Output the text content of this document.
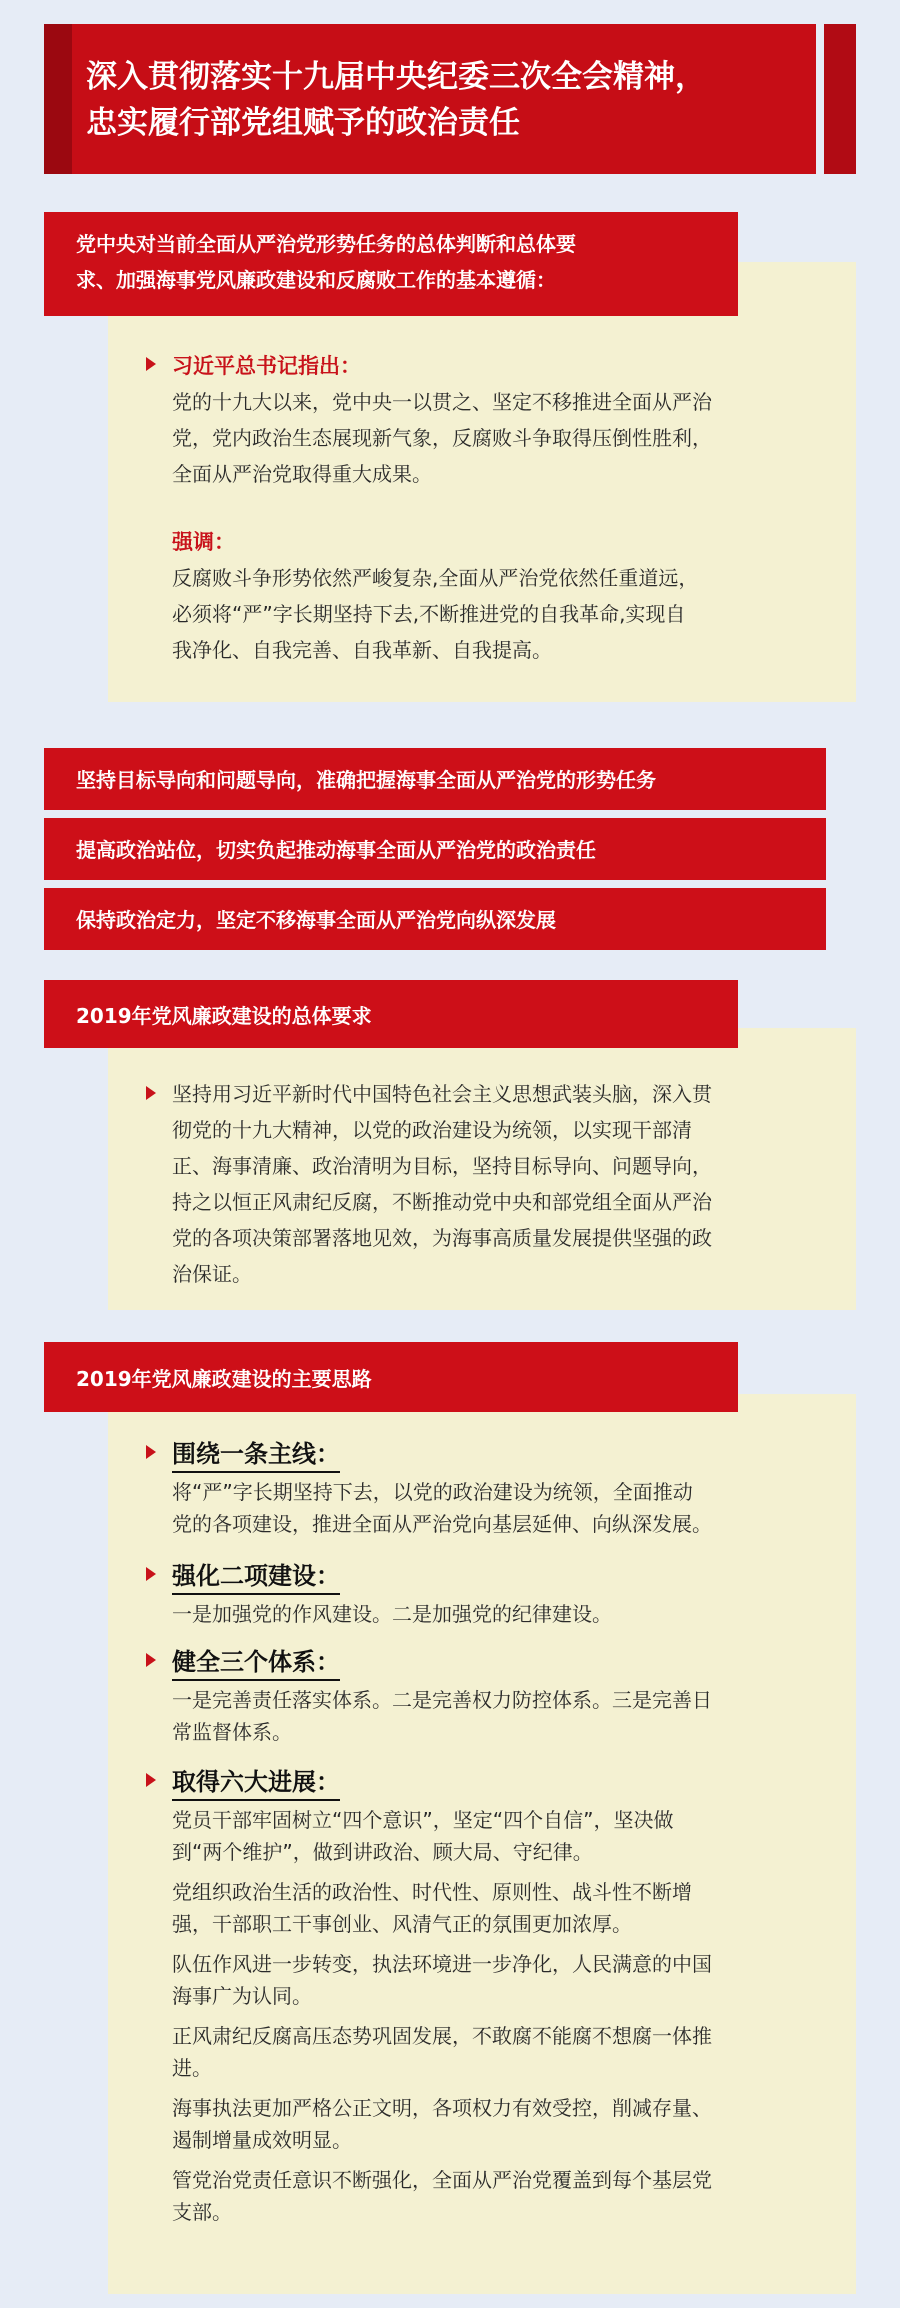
深入贯彻落实十九届中央纪委三次全会精神，
忠实履行部党组赋予的政治责任
党中央对当前全面从严治党形势任务的总体判断和总体要
求、加强海事党风廉政建设和反腐败工作的基本遵循：
习近平总书记指出：
党的十九大以来，党中央一以贯之、坚定不移推进全面从严治
党，党内政治生态展现新气象，反腐败斗争取得压倒性胜利，
全面从严治党取得重大成果。
强调：
反腐败斗争形势依然严峻复杂,全面从严治党依然任重道远，
必须将“严”字长期坚持下去,不断推进党的自我革命,实现自
我净化、自我完善、自我革新、自我提高。
坚持目标导向和问题导向，准确把握海事全面从严治党的形势任务
提高政治站位，切实负起推动海事全面从严治党的政治责任
保持政治定力，坚定不移海事全面从严治党向纵深发展
2019年党风廉政建设的总体要求
坚持用习近平新时代中国特色社会主义思想武装头脑，深入贯
彻党的十九大精神，以党的政治建设为统领，以实现干部清
正、海事清廉、政治清明为目标，坚持目标导向、问题导向，
持之以恒正风肃纪反腐，不断推动党中央和部党组全面从严治
党的各项决策部署落地见效，为海事高质量发展提供坚强的政
治保证。
2019年党风廉政建设的主要思路
围绕一条主线：
将“严”字长期坚持下去，以党的政治建设为统领，全面推动
党的各项建设，推进全面从严治党向基层延伸、向纵深发展。
强化二项建设：
一是加强党的作风建设。二是加强党的纪律建设。
健全三个体系：
一是完善责任落实体系。二是完善权力防控体系。三是完善日
常监督体系。
取得六大进展：
党员干部牢固树立“四个意识”，坚定“四个自信”，坚决做
到“两个维护”，做到讲政治、顾大局、守纪律。
党组织政治生活的政治性、时代性、原则性、战斗性不断增
强，干部职工干事创业、风清气正的氛围更加浓厚。
队伍作风进一步转变，执法环境进一步净化，人民满意的中国
海事广为认同。
正风肃纪反腐高压态势巩固发展，不敢腐不能腐不想腐一体推
进。
海事执法更加严格公正文明，各项权力有效受控，削减存量、
遏制增量成效明显。
管党治党责任意识不断强化，全面从严治党覆盖到每个基层党
支部。
